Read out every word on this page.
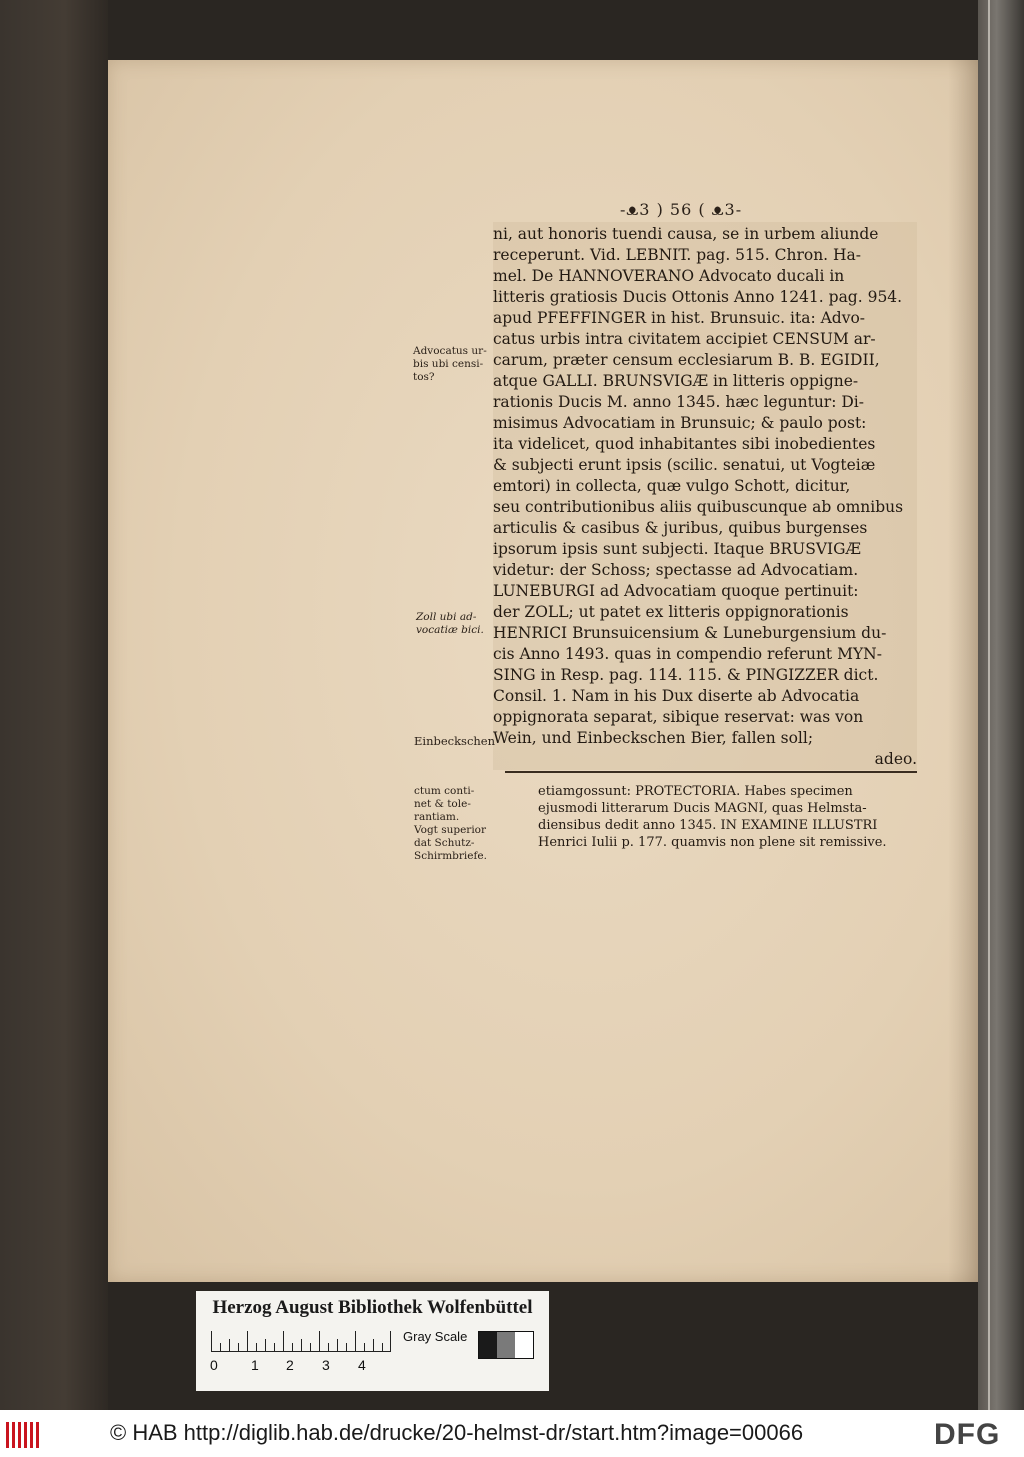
-ᴥ3 ) 56 ( ᴥ3-
ni, aut honoris tuendi causa, se in urbem aliunde
receperunt. Vid. LEBNIT. pag. 515. Chron. Ha-
mel. De HANNOVERANO Advocato ducali in
litteris gratiosis Ducis Ottonis Anno 1241. pag. 954.
apud PFEFFINGER in hist. Brunsuic. ita: Advo-
catus urbis intra civitatem accipiet CENSUM ar-
carum, præter censum ecclesiarum B. B. EGIDII,
atque GALLI. BRUNSVIGÆ in litteris oppigne-
rationis Ducis M. anno 1345. hæc leguntur: Di-
misimus Advocatiam in Brunsuic; & paulo post:
ita videlicet, quod inhabitantes sibi inobedientes
& subjecti erunt ipsis (scilic. senatui, ut Vogteiæ
emtori) in collecta, quæ vulgo Schott, dicitur,
seu contributionibus aliis quibuscunque ab omnibus
articulis & casibus & juribus, quibus burgenses
ipsorum ipsis sunt subjecti. Itaque BRUSVIGÆ
videtur: der Schoss; spectasse ad Advocatiam.
LUNEBURGI ad Advocatiam quoque pertinuit:
der ZOLL; ut patet ex litteris oppignorationis
HENRICI Brunsuicensium & Luneburgensium du-
cis Anno 1493. quas in compendio referunt MYN-
SING in Resp. pag. 114. 115. & PINGIZZER dict.
Consil. 1. Nam in his Dux diserte ab Advocatia
oppignorata separat, sibique reservat: was von
Wein, und Einbeckschen Bier, fallen soll;
adeo.
Advocatus ur-
bis ubi censi-
tos?
Zoll ubi ad-
vocatiæ bici.
Einbeckschen
ctum conti-
net & tole-
rantiam.
Vogt superior
dat Schutz-
Schirmbriefe.
etiamgossunt: PROTECTORIA. Habes specimen
ejusmodi litterarum Ducis MAGNI, quas Helmsta-
diensibus dedit anno 1345. IN EXAMINE ILLUSTRI
Henrici Iulii p. 177. quamvis non plene sit remissive.
Herzog August Bibliothek Wolfenbüttel
0 1 2 3 4
Gray Scale
© HAB http://diglib.hab.de/drucke/20-helmst-dr/start.htm?image=00066	DFG
